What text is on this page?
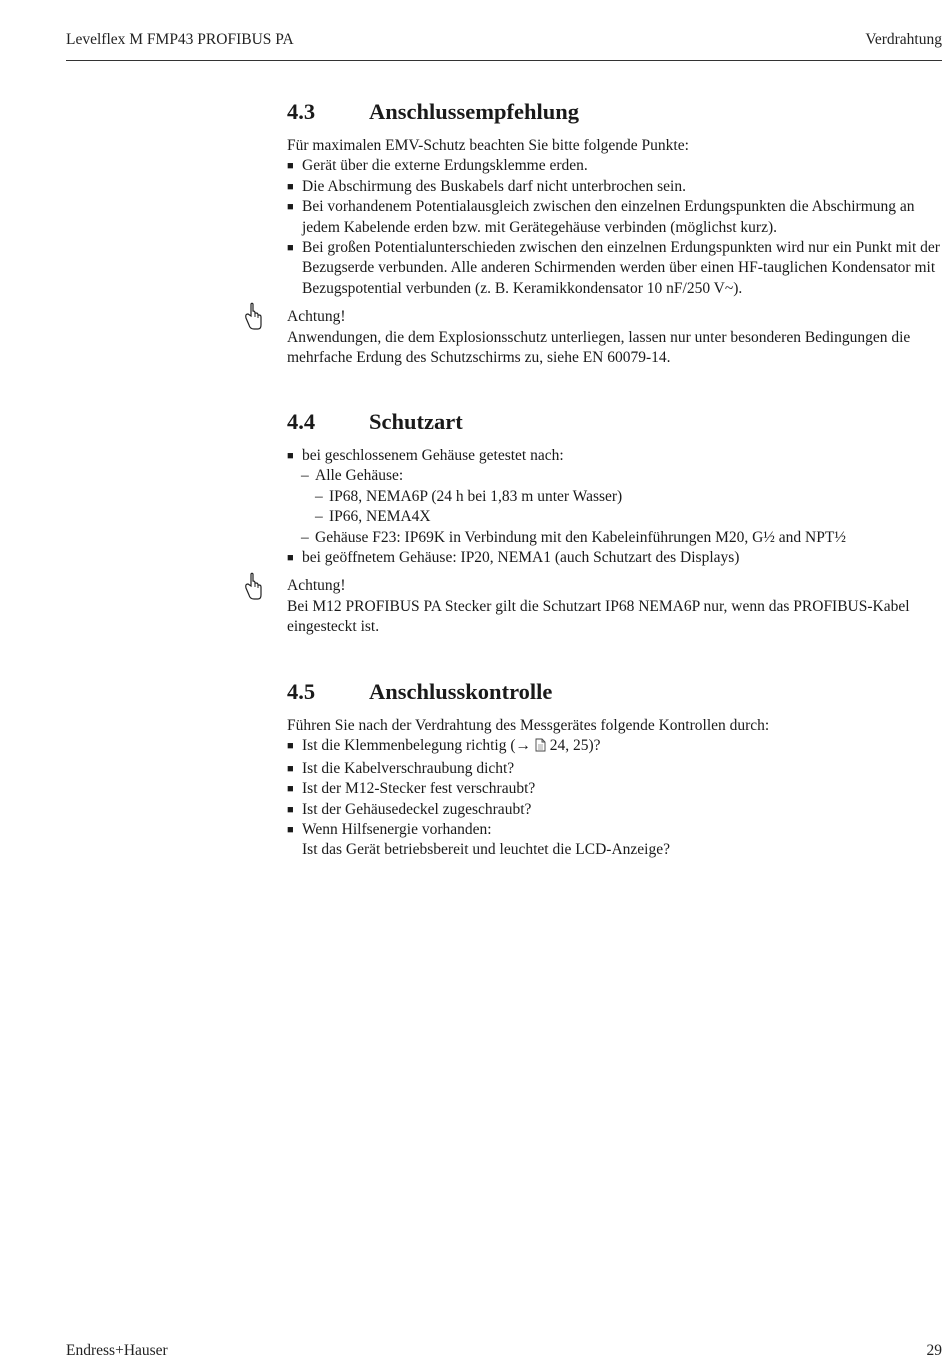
Levelflex M FMP43 PROFIBUS PA	Verdrahtung
4.3	Anschlussempfehlung

Für maximalen EMV-Schutz beachten Sie bitte folgende Punkte:

■ Gerät über die externe Erdungsklemme erden.
■ Die Abschirmung des Buskabels darf nicht unterbrochen sein.
■ Bei vorhandenem Potentialausgleich zwischen den einzelnen Erdungspunkten die Abschirmung an jedem Kabelende erden bzw. mit Gerätegehäuse verbinden (möglichst kurz).
■ Bei großen Potentialunterschieden zwischen den einzelnen Erdungspunkten wird nur ein Punkt mit der Bezugserde verbunden. Alle anderen Schirmenden werden über einen HF-tauglichen Kondensator mit Bezugspotential verbunden (z. B. Keramikkondensator 10 nF/250 V~).

Achtung!

Anwendungen, die dem Explosionsschutz unterliegen, lassen nur unter besonderen Bedingungen die mehrfache Erdung des Schutzschirms zu, siehe EN 60079-14.

4.4	Schutzart
■ bei geschlossenem Gehäuse getestet nach:
– Alle Gehäuse:
– IP68, NEMA6P (24 h bei 1,83 m unter Wasser)
– IP66, NEMA4X
– Gehäuse F23: IP69K in Verbindung mit den Kabeleinführungen M20, G½ and NPT½
■ bei geöffnetem Gehäuse: IP20, NEMA1 (auch Schutzart des Displays)

Achtung!

Bei M12 PROFIBUS PA Stecker gilt die Schutzart IP68 NEMA6P nur, wenn das PROFIBUS-Kabel eingesteckt ist.

4.5	Anschlusskontrolle

Führen Sie nach der Verdrahtung des Messgerätes folgende Kontrollen durch:

■ Ist die Klemmenbelegung richtig (→  24, 25)?
■ Ist die Kabelverschraubung dicht?
■ Ist der M12-Stecker fest verschraubt?
■ Ist der Gehäusedeckel zugeschraubt?
■ Wenn Hilfsenergie vorhanden:
Ist das Gerät betriebsbereit und leuchtet die LCD-Anzeige?
Endress+Hauser	29
